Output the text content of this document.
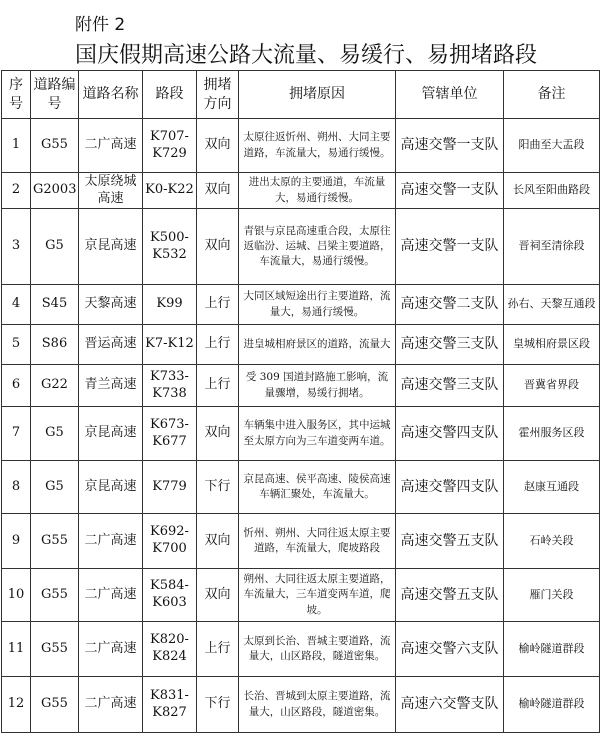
附件 2
国庆假期高速公路大流量、易缓行、易拥堵路段
序号	道路编号	道路名称	路段	拥堵方向	拥堵原因	管辖单位	备注
1	G55	二广高速	K707-K729	双向	太原往返忻州、朔州、大同主要道路，车流量大，易通行缓慢。	高速交警一支队	阳曲至大盂段
2	G2003	太原绕城高速	K0-K22	双向	进出太原的主要通道，车流量大，易通行缓慢。	高速交警一支队	长风至阳曲路段
3	G5	京昆高速	K500-K532	双向	青银与京昆高速重合段，太原往返临汾、运城、吕梁主要道路，车流量大，易通行缓慢。	高速交警一支队	晋祠至清徐段
4	S45	天黎高速	K99	上行	大同区域短途出行主要道路，流量大，易通行缓慢。	高速交警二支队	孙右、天黎互通段
5	S86	晋运高速	K7-K12	上行	进皇城相府景区的道路，流量大	高速交警三支队	皇城相府景区段
6	G22	青兰高速	K733-K738	上行	受 309 国道封路施工影响，流量骤增，易缓行拥堵。	高速交警三支队	晋冀省界段
7	G5	京昆高速	K673-K677	双向	车辆集中进入服务区，其中运城至太原方向为三车道变两车道。	高速交警四支队	霍州服务区段
8	G5	京昆高速	K779	下行	京昆高速、侯平高速、陵侯高速车辆汇聚处，车流量大。	高速交警四支队	赵康互通段
9	G55	二广高速	K692-K700	双向	忻州、朔州、大同往返太原主要道路，车流量大，爬坡路段	高速交警五支队	石岭关段
10	G55	二广高速	K584-K603	双向	朔州、大同往返太原主要道路，车流量大，三车道变两车道，爬坡。	高速交警五支队	雁门关段
11	G55	二广高速	K820-K824	上行	太原到长治、晋城主要道路，流量大，山区路段，隧道密集。	高速交警六支队	榆岭隧道群段
12	G55	二广高速	K831-K827	下行	长治、晋城到太原主要道路，流量大，山区路段，隧道密集。	高速六交警支队	榆岭隧道群段
